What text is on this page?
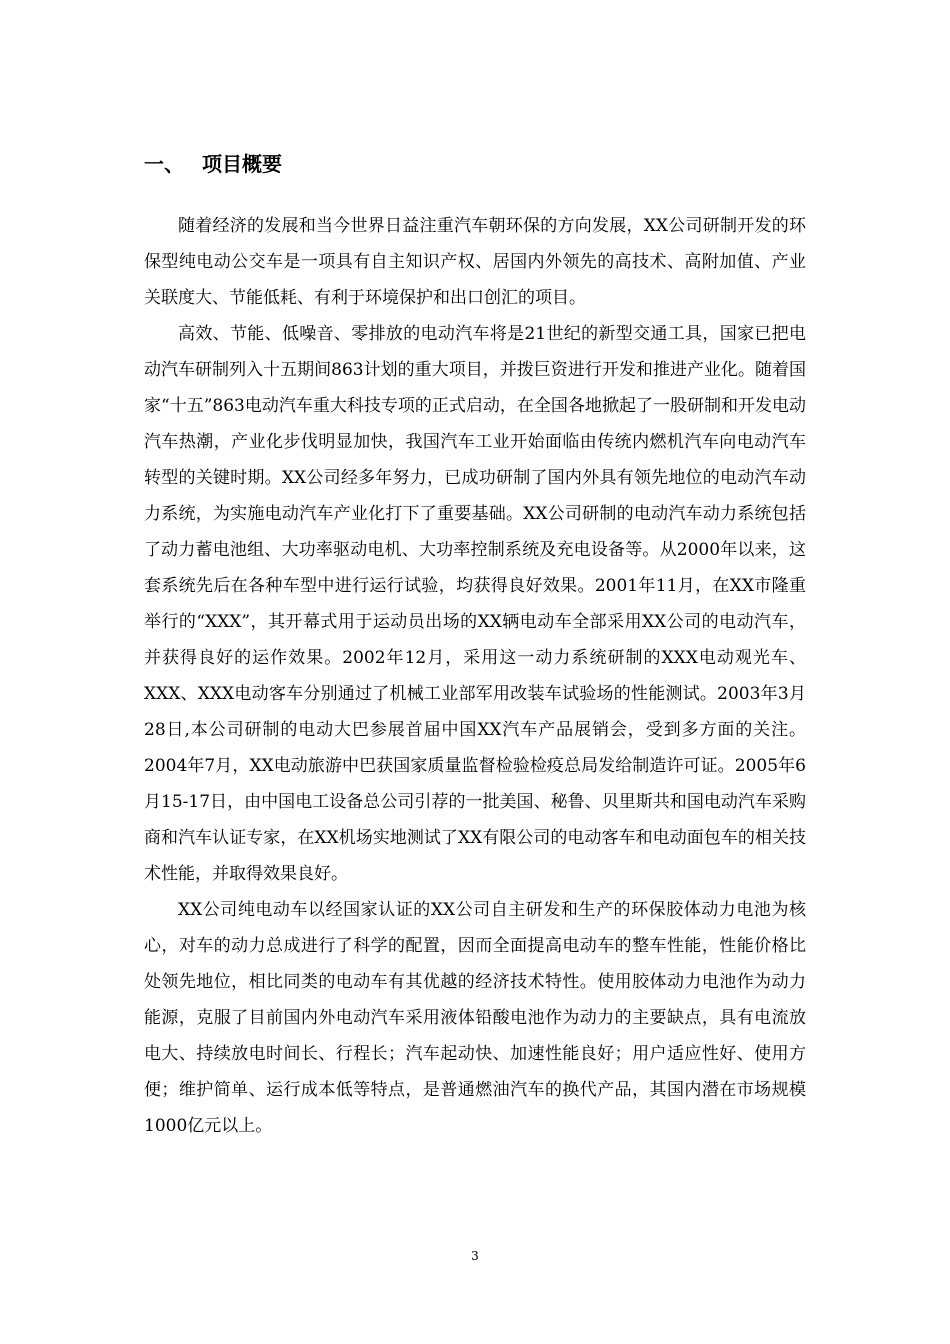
一、 项目概要

随着经济的发展和当今世界日益注重汽车朝环保的方向发展，XX公司研制开发的环保型纯电动公交车是一项具有自主知识产权、居国内外领先的高技术、高附加值、产业关联度大、节能低耗、有利于环境保护和出口创汇的项目。

高效、节能、低噪音、零排放的电动汽车将是21世纪的新型交通工具，国家已把电动汽车研制列入十五期间863计划的重大项目，并拨巨资进行开发和推进产业化。随着国家“十五”863电动汽车重大科技专项的正式启动，在全国各地掀起了一股研制和开发电动汽车热潮，产业化步伐明显加快，我国汽车工业开始面临由传统内燃机汽车向电动汽车转型的关键时期。XX公司经多年努力，已成功研制了国内外具有领先地位的电动汽车动力系统，为实施电动汽车产业化打下了重要基础。XX公司研制的电动汽车动力系统包括了动力蓄电池组、大功率驱动电机、大功率控制系统及充电设备等。从2000年以来，这套系统先后在各种车型中进行运行试验，均获得良好效果。2001年11月，在XX市隆重举行的“XXX”，其开幕式用于运动员出场的XX辆电动车全部采用XX公司的电动汽车，并获得良好的运作效果。2002年12月，采用这一动力系统研制的XXX电动观光车、XXX、XXX电动客车分别通过了机械工业部军用改装车试验场的性能测试。2003年3月28日,本公司研制的电动大巴参展首届中国XX汽车产品展销会，受到多方面的关注。2004年7月，XX电动旅游中巴获国家质量监督检验检疫总局发给制造许可证。2005年6月15-17日，由中国电工设备总公司引荐的一批美国、秘鲁、贝里斯共和国电动汽车采购商和汽车认证专家，在XX机场实地测试了XX有限公司的电动客车和电动面包车的相关技术性能，并取得效果良好。

XX公司纯电动车以经国家认证的XX公司自主研发和生产的环保胶体动力电池为核心，对车的动力总成进行了科学的配置，因而全面提高电动车的整车性能，性能价格比处领先地位，相比同类的电动车有其优越的经济技术特性。使用胶体动力电池作为动力能源，克服了目前国内外电动汽车采用液体铅酸电池作为动力的主要缺点，具有电流放电大、持续放电时间长、行程长；汽车起动快、加速性能良好；用户适应性好、使用方便；维护简单、运行成本低等特点，是普通燃油汽车的换代产品，其国内潜在市场规模1000亿元以上。

3
